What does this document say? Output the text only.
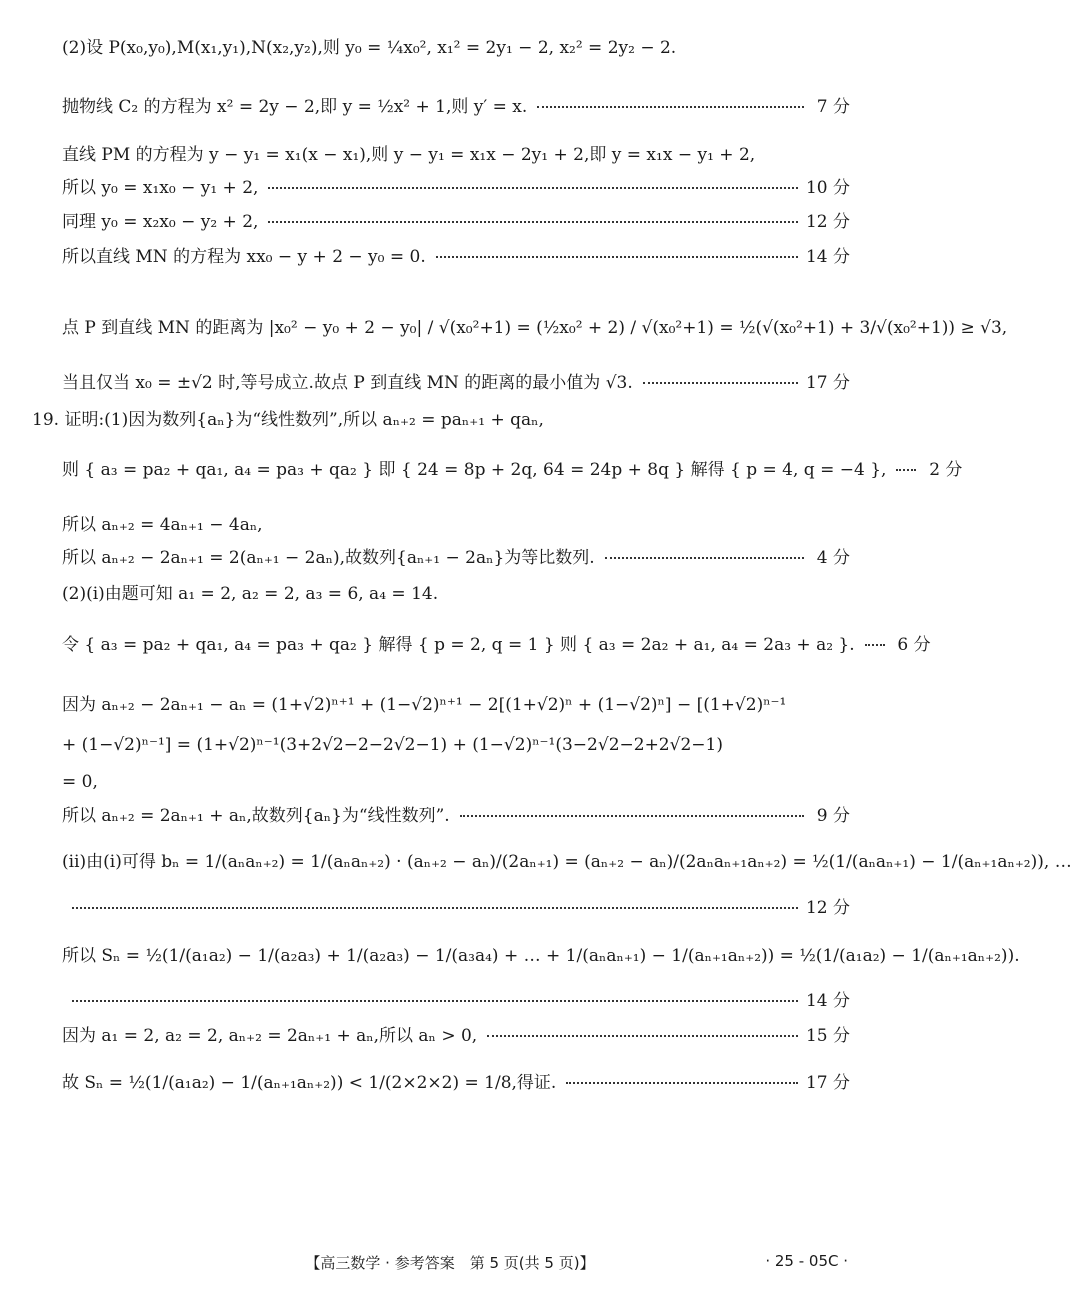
(2)设 P(x₀,y₀),M(x₁,y₁),N(x₂,y₂),则 y₀ = ¼x₀², x₁² = 2y₁ − 2, x₂² = 2y₂ − 2.
抛物线 C₂ 的方程为 x² = 2y − 2,即 y = ½x² + 1,则 y′ = x.	7 分
直线 PM 的方程为 y − y₁ = x₁(x − x₁),则 y − y₁ = x₁x − 2y₁ + 2,即 y = x₁x − y₁ + 2,
所以 y₀ = x₁x₀ − y₁ + 2,	10 分
同理 y₀ = x₂x₀ − y₂ + 2,	12 分
所以直线 MN 的方程为 xx₀ − y + 2 − y₀ = 0.	14 分
点 P 到直线 MN 的距离为 |x₀² − y₀ + 2 − y₀| / √(x₀²+1) = (½x₀² + 2) / √(x₀²+1) = ½(√(x₀²+1) + 3/√(x₀²+1)) ≥ √3,
当且仅当 x₀ = ±√2 时,等号成立.故点 P 到直线 MN 的距离的最小值为 √3.	17 分
19. 证明:(1)因为数列{aₙ}为“线性数列”,所以 aₙ₊₂ = paₙ₊₁ + qaₙ,
则 { a₃ = pa₂ + qa₁, a₄ = pa₃ + qa₂ } 即 { 24 = 8p + 2q, 64 = 24p + 8q } 解得 { p = 4, q = −4 },	2 分
所以 aₙ₊₂ = 4aₙ₊₁ − 4aₙ,
所以 aₙ₊₂ − 2aₙ₊₁ = 2(aₙ₊₁ − 2aₙ),故数列{aₙ₊₁ − 2aₙ}为等比数列.	4 分
(2)(ⅰ)由题可知 a₁ = 2, a₂ = 2, a₃ = 6, a₄ = 14.
令 { a₃ = pa₂ + qa₁, a₄ = pa₃ + qa₂ } 解得 { p = 2, q = 1 } 则 { a₃ = 2a₂ + a₁, a₄ = 2a₃ + a₂ }.	6 分
因为 aₙ₊₂ − 2aₙ₊₁ − aₙ = (1+√2)ⁿ⁺¹ + (1−√2)ⁿ⁺¹ − 2[(1+√2)ⁿ + (1−√2)ⁿ] − [(1+√2)ⁿ⁻¹
+ (1−√2)ⁿ⁻¹] = (1+√2)ⁿ⁻¹(3+2√2−2−2√2−1) + (1−√2)ⁿ⁻¹(3−2√2−2+2√2−1)
= 0,
所以 aₙ₊₂ = 2aₙ₊₁ + aₙ,故数列{aₙ}为“线性数列”.	9 分
(ⅱ)由(ⅰ)可得 bₙ = 1/(aₙaₙ₊₂) = 1/(aₙaₙ₊₂) · (aₙ₊₂ − aₙ)/(2aₙ₊₁) = (aₙ₊₂ − aₙ)/(2aₙaₙ₊₁aₙ₊₂) = ½(1/(aₙaₙ₊₁) − 1/(aₙ₊₁aₙ₊₂)), …
12 分
所以 Sₙ = ½(1/(a₁a₂) − 1/(a₂a₃) + 1/(a₂a₃) − 1/(a₃a₄) + … + 1/(aₙaₙ₊₁) − 1/(aₙ₊₁aₙ₊₂)) = ½(1/(a₁a₂) − 1/(aₙ₊₁aₙ₊₂)).
14 分
因为 a₁ = 2, a₂ = 2, aₙ₊₂ = 2aₙ₊₁ + aₙ,所以 aₙ > 0,	15 分
故 Sₙ = ½(1/(a₁a₂) − 1/(aₙ₊₁aₙ₊₂)) < 1/(2×2×2) = 1/8,得证.	17 分
【高三数学 · 参考答案　第 5 页(共 5 页)】	· 25 - 05C ·
